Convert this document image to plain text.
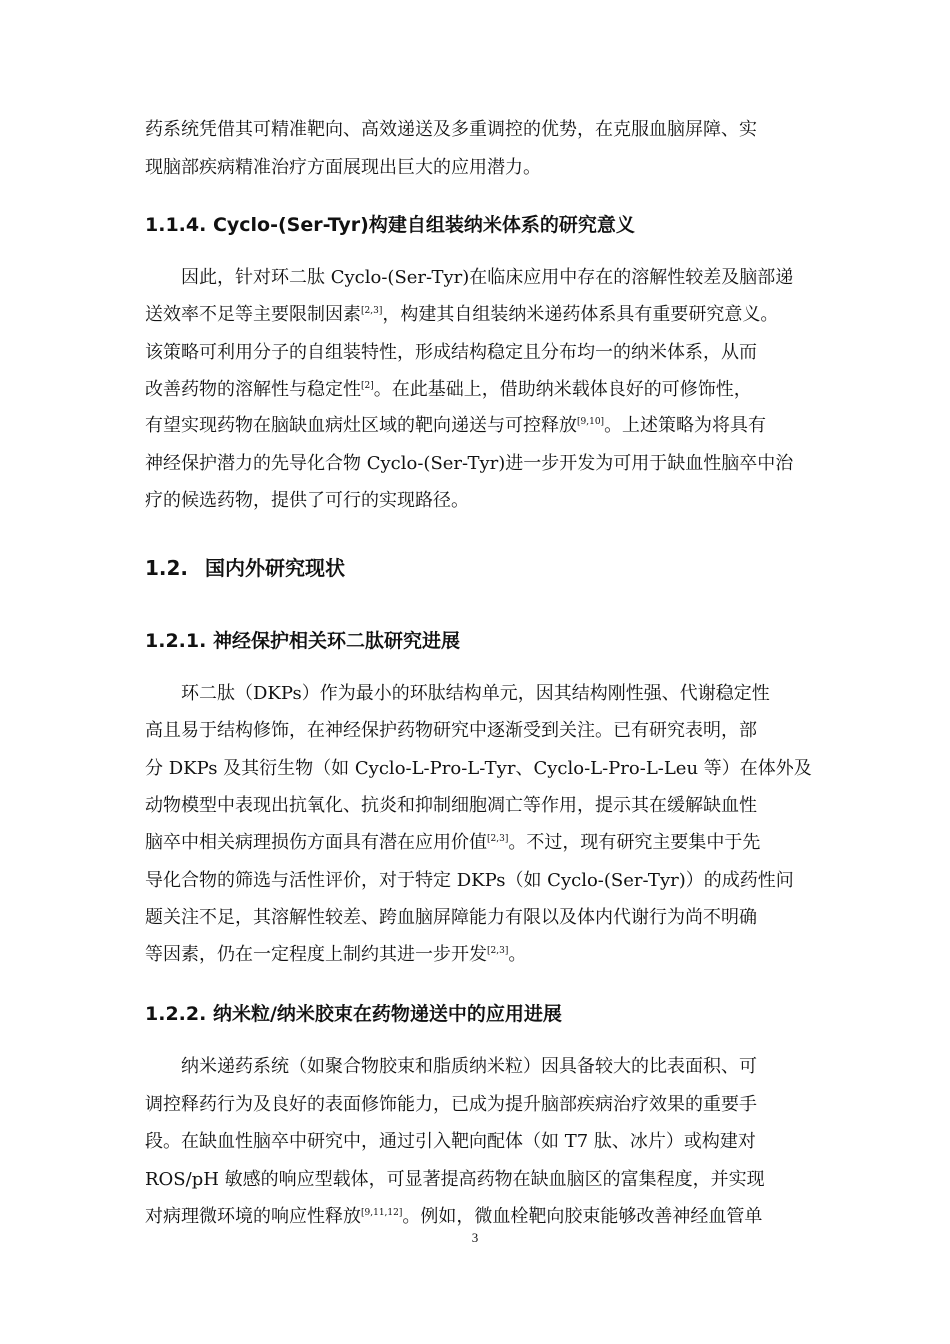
药系统凭借其可精准靶向、高效递送及多重调控的优势，在克服血脑屏障、实
现脑部疾病精准治疗方面展现出巨大的应用潜力。
1.1.4. Cyclo-(Ser-Tyr)构建自组装纳米体系的研究意义
因此，针对环二肽 Cyclo-(Ser-Tyr)在临床应用中存在的溶解性较差及脑部递
送效率不足等主要限制因素[2,3]，构建其自组装纳米递药体系具有重要研究意义。
该策略可利用分子的自组装特性，形成结构稳定且分布均一的纳米体系，从而
改善药物的溶解性与稳定性[2]。在此基础上，借助纳米载体良好的可修饰性，
有望实现药物在脑缺血病灶区域的靶向递送与可控释放[9,10]。上述策略为将具有
神经保护潜力的先导化合物 Cyclo-(Ser-Tyr)进一步开发为可用于缺血性脑卒中治
疗的候选药物，提供了可行的实现路径。
1.2. 国内外研究现状
1.2.1. 神经保护相关环二肽研究进展
环二肽（DKPs）作为最小的环肽结构单元，因其结构刚性强、代谢稳定性
高且易于结构修饰，在神经保护药物研究中逐渐受到关注。已有研究表明，部
分 DKPs 及其衍生物（如 Cyclo-L-Pro-L-Tyr、Cyclo-L-Pro-L-Leu 等）在体外及
动物模型中表现出抗氧化、抗炎和抑制细胞凋亡等作用，提示其在缓解缺血性
脑卒中相关病理损伤方面具有潜在应用价值[2,3]。不过，现有研究主要集中于先
导化合物的筛选与活性评价，对于特定 DKPs（如 Cyclo-(Ser-Tyr)）的成药性问
题关注不足，其溶解性较差、跨血脑屏障能力有限以及体内代谢行为尚不明确
等因素，仍在一定程度上制约其进一步开发[2,3]。
1.2.2. 纳米粒/纳米胶束在药物递送中的应用进展
纳米递药系统（如聚合物胶束和脂质纳米粒）因具备较大的比表面积、可
调控释药行为及良好的表面修饰能力，已成为提升脑部疾病治疗效果的重要手
段。在缺血性脑卒中研究中，通过引入靶向配体（如 T7 肽、冰片）或构建对
ROS/pH 敏感的响应型载体，可显著提高药物在缺血脑区的富集程度，并实现
对病理微环境的响应性释放[9,11,12]。例如，微血栓靶向胶束能够改善神经血管单
3
